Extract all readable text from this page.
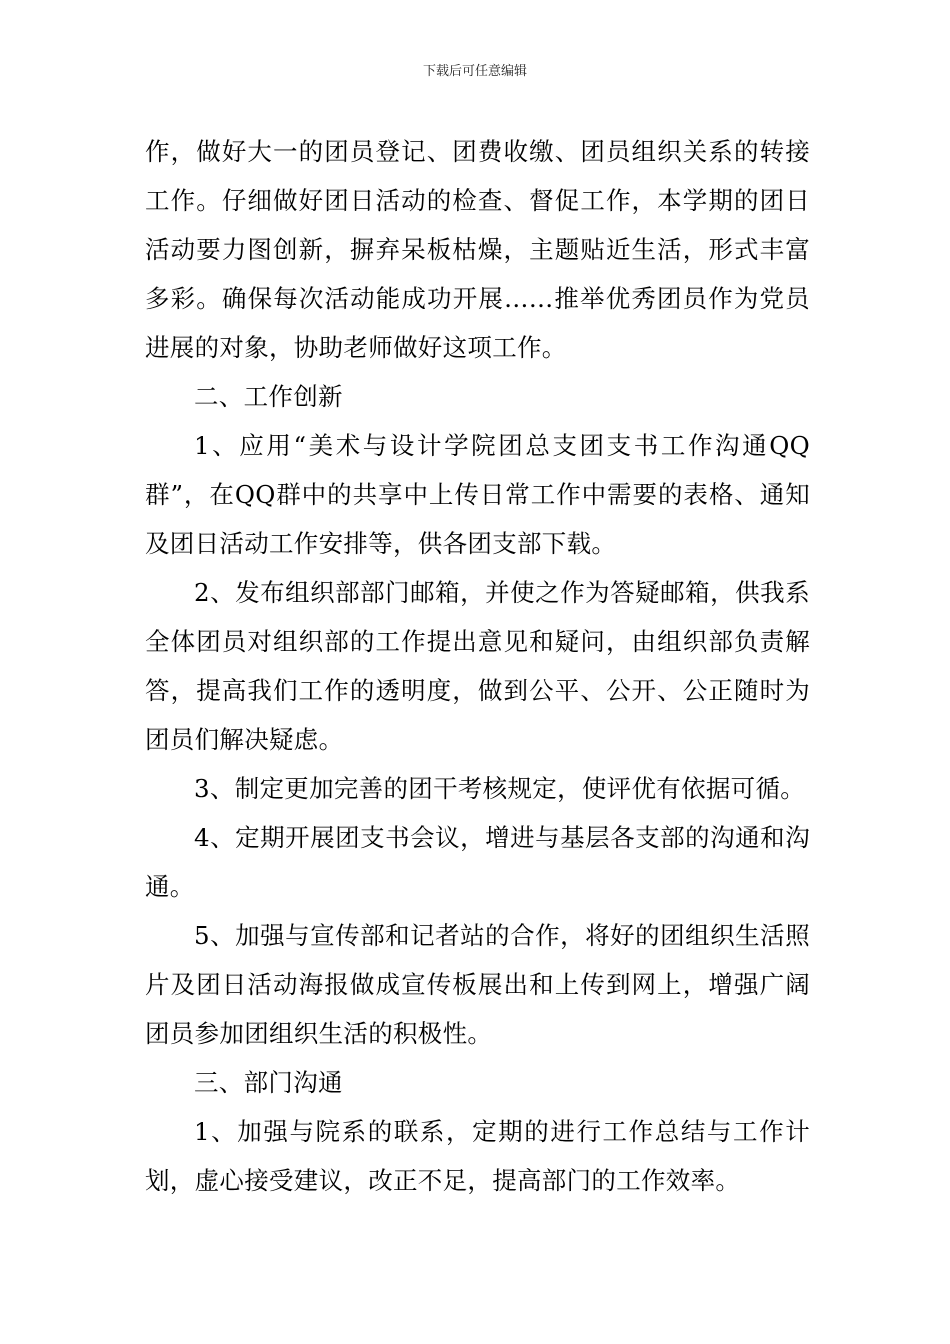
下载后可任意编辑

作，做好大一的团员登记、团费收缴、团员组织关系的转接工作。仔细做好团日活动的检查、督促工作，本学期的团日活动要力图创新，摒弃呆板枯燥，主题贴近生活，形式丰富多彩。确保每次活动能成功开展……推举优秀团员作为党员进展的对象，协助老师做好这项工作。

二、工作创新

1、应用“美术与设计学院团总支团支书工作沟通QQ群”，在QQ群中的共享中上传日常工作中需要的表格、通知及团日活动工作安排等，供各团支部下载。

2、发布组织部部门邮箱，并使之作为答疑邮箱，供我系全体团员对组织部的工作提出意见和疑问，由组织部负责解答，提高我们工作的透明度，做到公平、公开、公正随时为团员们解决疑虑。

3、制定更加完善的团干考核规定，使评优有依据可循。

4、定期开展团支书会议，增进与基层各支部的沟通和沟通。

5、加强与宣传部和记者站的合作，将好的团组织生活照片及团日活动海报做成宣传板展出和上传到网上，增强广阔团员参加团组织生活的积极性。

三、部门沟通

1、加强与院系的联系，定期的进行工作总结与工作计划，虚心接受建议，改正不足，提高部门的工作效率。
